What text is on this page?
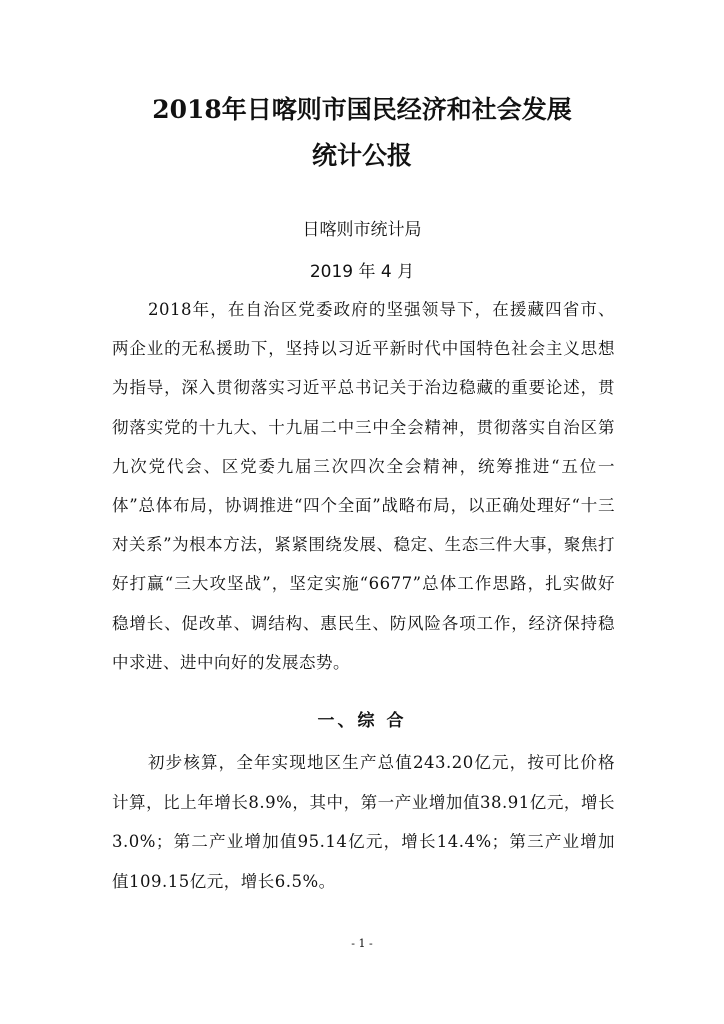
2018年日喀则市国民经济和社会发展
统计公报
日喀则市统计局
2019 年 4 月
2018年，在自治区党委政府的坚强领导下，在援藏四省市、两企业的无私援助下，坚持以习近平新时代中国特色社会主义思想为指导，深入贯彻落实习近平总书记关于治边稳藏的重要论述，贯彻落实党的十九大、十九届二中三中全会精神，贯彻落实自治区第九次党代会、区党委九届三次四次全会精神，统筹推进“五位一体”总体布局，协调推进“四个全面”战略布局，以正确处理好“十三对关系”为根本方法，紧紧围绕发展、稳定、生态三件大事，聚焦打好打赢“三大攻坚战”，坚定实施“6677”总体工作思路，扎实做好稳增长、促改革、调结构、惠民生、防风险各项工作，经济保持稳中求进、进中向好的发展态势。
一、综 合
初步核算，全年实现地区生产总值243.20亿元，按可比价格计算，比上年增长8.9%，其中，第一产业增加值38.91亿元，增长3.0%；第二产业增加值95.14亿元，增长14.4%；第三产业增加值109.15亿元，增长6.5%。
- 1 -
